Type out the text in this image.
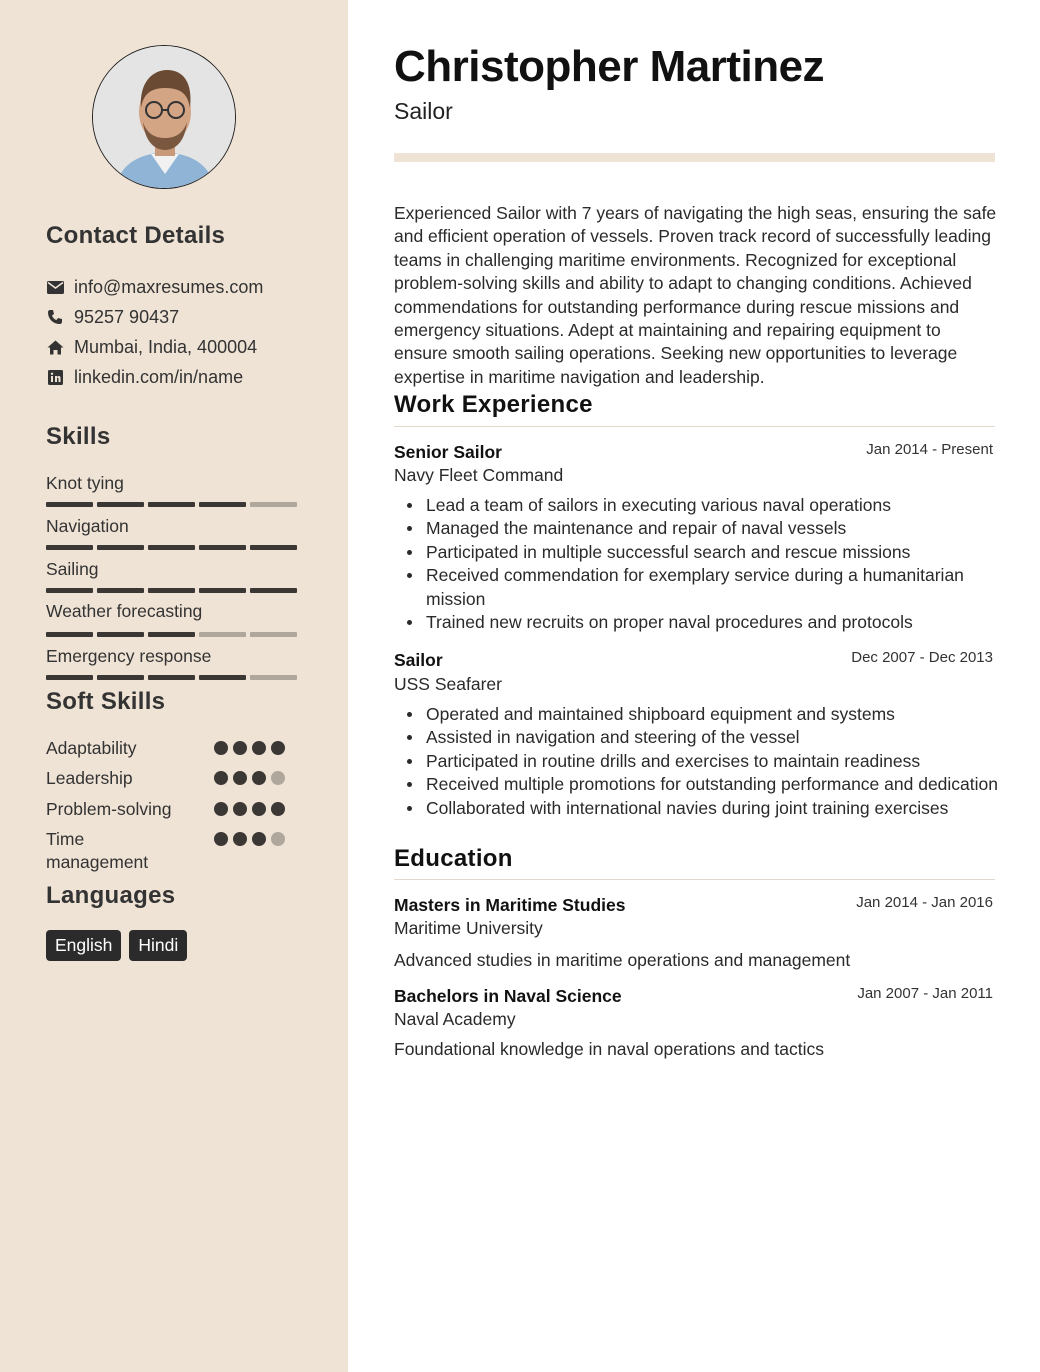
Contact Details
info@maxresumes.com
95257 90437
Mumbai, India, 400004
linkedin.com/in/name
Skills
Knot tying
Navigation
Sailing
Weather forecasting
Emergency response
Soft Skills
Adaptability
Leadership
Problem-solving
Time management
Languages
English	Hindi
Christopher Martinez
Sailor
Experienced Sailor with 7 years of navigating the high seas, ensuring the safe and efficient operation of vessels. Proven track record of successfully leading teams in challenging maritime environments. Recognized for exceptional problem-solving skills and ability to adapt to changing conditions. Achieved commendations for outstanding performance during rescue missions and emergency situations. Adept at maintaining and repairing equipment to ensure smooth sailing operations. Seeking new opportunities to leverage expertise in maritime navigation and leadership.
Work Experience
Senior Sailor	Jan 2014 - Present
Navy Fleet Command
Lead a team of sailors in executing various naval operations
Managed the maintenance and repair of naval vessels
Participated in multiple successful search and rescue missions
Received commendation for exemplary service during a humanitarian mission
Trained new recruits on proper naval procedures and protocols
Sailor	Dec 2007 - Dec 2013
USS Seafarer
Operated and maintained shipboard equipment and systems
Assisted in navigation and steering of the vessel
Participated in routine drills and exercises to maintain readiness
Received multiple promotions for outstanding performance and dedication
Collaborated with international navies during joint training exercises
Education
Masters in Maritime Studies	Jan 2014 - Jan 2016
Maritime University
Advanced studies in maritime operations and management
Bachelors in Naval Science	Jan 2007 - Jan 2011
Naval Academy
Foundational knowledge in naval operations and tactics
